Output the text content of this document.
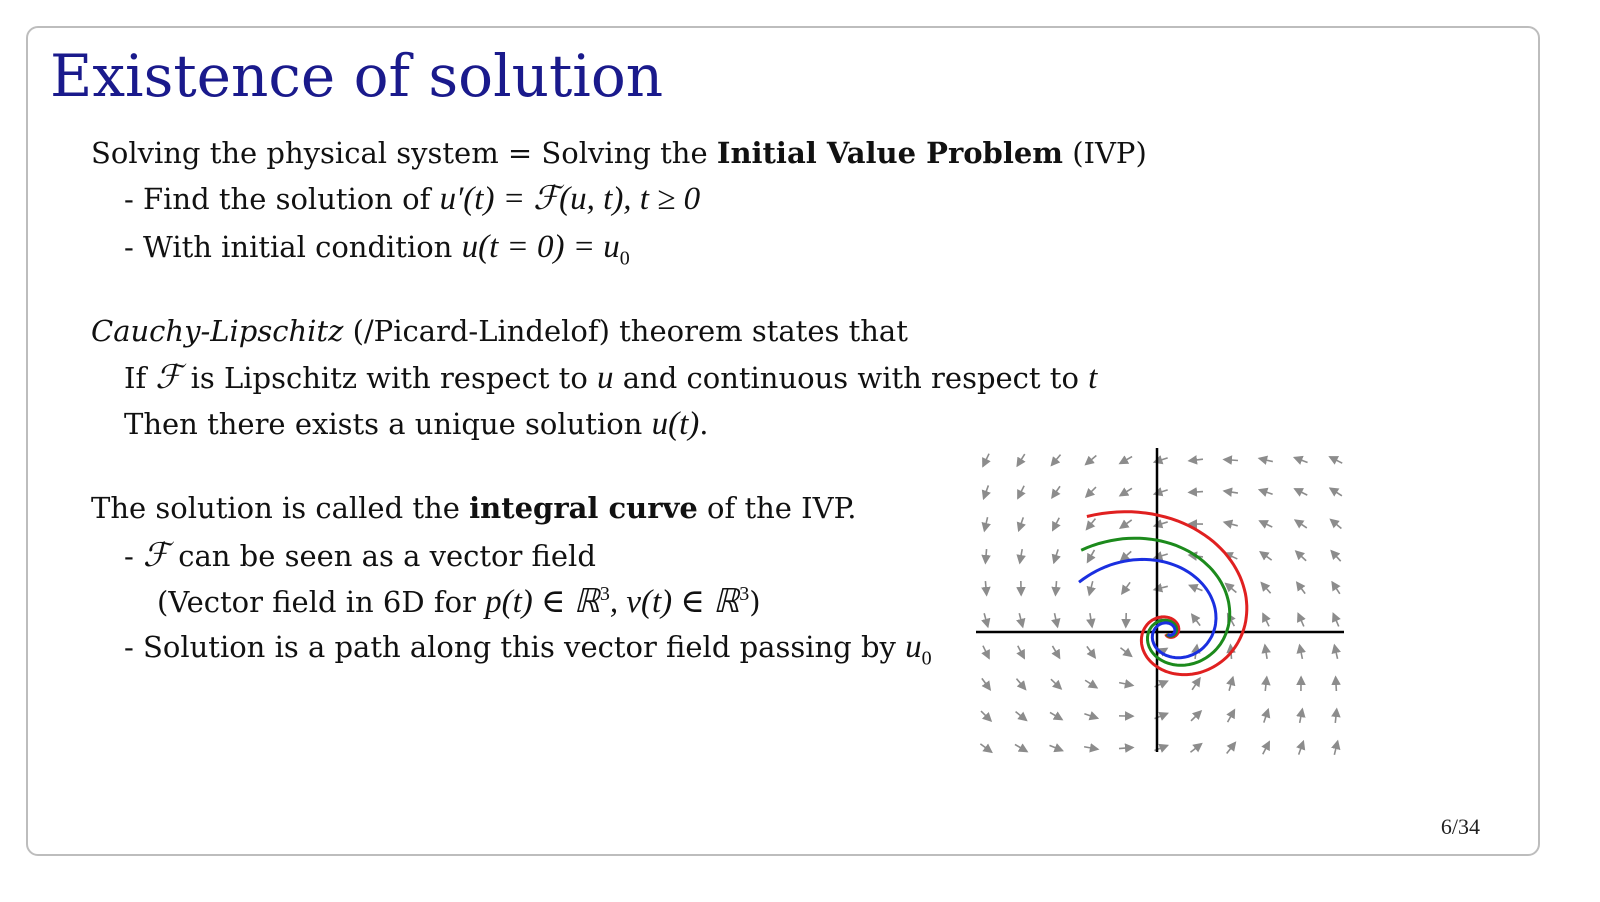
Existence of solution
Solving the physical system = Solving the Initial Value Problem (IVP)
- Find the solution of u′(t) = ℱ(u, t), t ≥ 0
- With initial condition $u(t = 0) = u_0$
Cauchy-Lipschitz (/Picard-Lindelof) theorem states that
If ℱ is Lipschitz with respect to u and continuous with respect to t
Then there exists a unique solution u(t).
The solution is called the integral curve of the IVP.
- ℱ can be seen as a vector field
(Vector field in 6D for p(t) ∈ ℝ$^3$, v(t) ∈ ℝ$^3$)
- Solution is a path along this vector field passing by $u_0$
6/34
